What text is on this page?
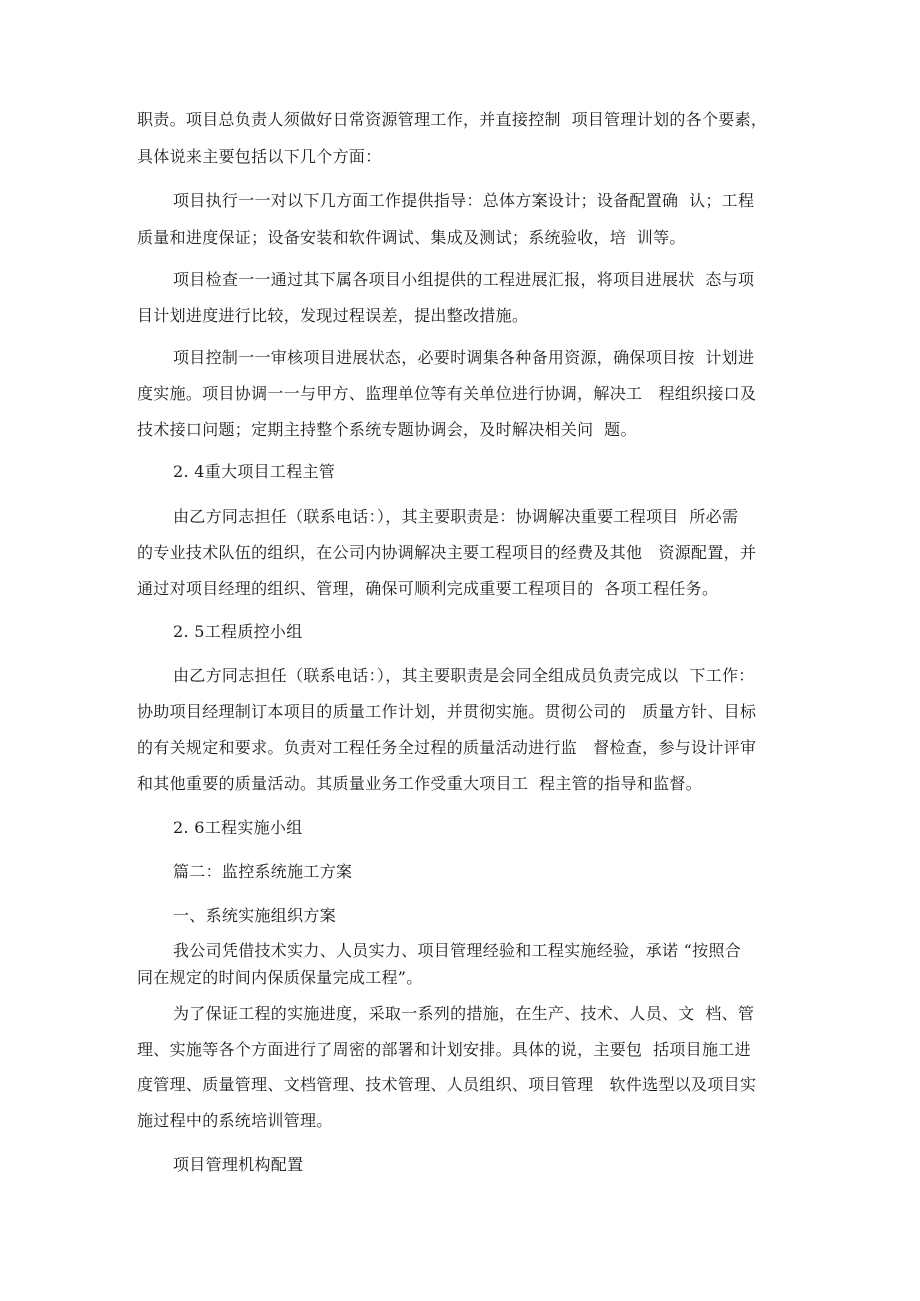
职责。项目总负责人须做好日常资源管理工作，并直接控制  项目管理计划的各个要素，
具体说来主要包括以下几个方面：
项目执行一一对以下几方面工作提供指导：总体方案设计；设备配置确  认；工程
质量和进度保证；设备安装和软件调试、集成及测试；系统验收，培  训等。
项目检查一一通过其下属各项目小组提供的工程进展汇报，将项目进展状  态与项
目计划进度进行比较，发现过程误差，提出整改措施。
项目控制一一审核项目进展状态，必要时调集各种备用资源，确保项目按  计划进
度实施。项目协调一一与甲方、监理单位等有关单位进行协调，解决工   程组织接口及
技术接口问题；定期主持整个系统专题协调会，及时解决相关问  题。
2. 4重大项目工程主管
由乙方同志担任（联系电话：），其主要职责是：协调解决重要工程项目  所必需
的专业技术队伍的组织，在公司内协调解决主要工程项目的经费及其他   资源配置，并
通过对项目经理的组织、管理，确保可顺利完成重要工程项目的  各项工程任务。
2. 5工程质控小组
由乙方同志担任（联系电话：），其主要职责是会同全组成员负责完成以  下工作：
协助项目经理制订本项目的质量工作计划，并贯彻实施。贯彻公司的   质量方针、目标
的有关规定和要求。负责对工程任务全过程的质量活动进行监   督检查，参与设计评审
和其他重要的质量活动。其质量业务工作受重大项目工  程主管的指导和监督。
2. 6工程实施小组
篇二：监控系统施工方案
一、系统实施组织方案
我公司凭借技术实力、人员实力、项目管理经验和工程实施经验，承诺 “按照合
同在规定的时间内保质保量完成工程”。
为了保证工程的实施进度，采取一系列的措施，在生产、技术、人员、文  档、管
理、实施等各个方面进行了周密的部署和计划安排。具体的说，主要包  括项目施工进
度管理、质量管理、文档管理、技术管理、人员组织、项目管理   软件选型以及项目实
施过程中的系统培训管理。
项目管理机构配置
